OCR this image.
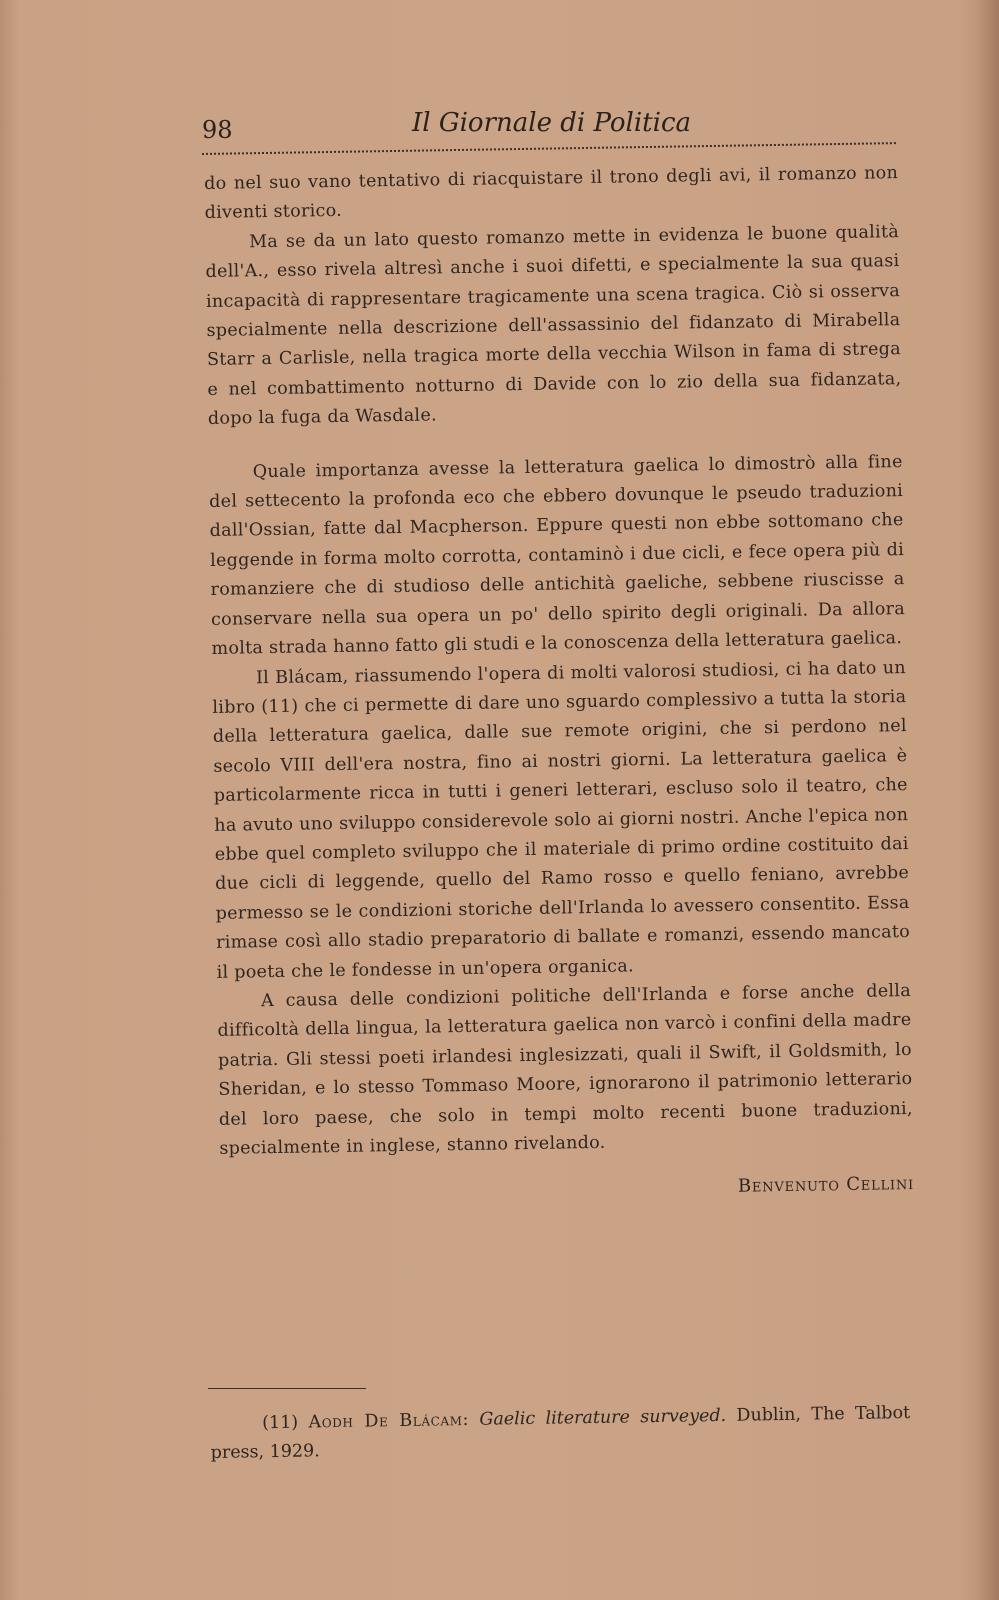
98	Il Giornale di Politica

do nel suo vano tentativo di riacquistare il trono degli avi, il romanzo non diventi storico.

Ma se da un lato questo romanzo mette in evidenza le buone qualità dell'A., esso rivela altresì anche i suoi difetti, e specialmente la sua quasi incapacità di rappresentare tragicamente una scena tragica. Ciò si osserva specialmente nella descrizione dell'assassinio del fidanzato di Mirabella Starr a Carlisle, nella tragica morte della vecchia Wilson in fama di strega e nel combattimento notturno di Davide con lo zio della sua fidanzata, dopo la fuga da Wasdale.

Quale importanza avesse la letteratura gaelica lo dimostrò alla fine del settecento la profonda eco che ebbero dovunque le pseudo traduzioni dall'Ossian, fatte dal Macpherson. Eppure questi non ebbe sottomano che leggende in forma molto corrotta, contaminò i due cicli, e fece opera più di romanziere che di studioso delle antichità gaeliche, sebbene riuscisse a conservare nella sua opera un po' dello spirito degli originali. Da allora molta strada hanno fatto gli studi e la conoscenza della letteratura gaelica.

Il Blácam, riassumendo l'opera di molti valorosi studiosi, ci ha dato un libro (11) che ci permette di dare uno sguardo complessivo a tutta la storia della letteratura gaelica, dalle sue remote origini, che si perdono nel secolo VIII dell'era nostra, fino ai nostri giorni. La letteratura gaelica è particolarmente ricca in tutti i generi letterari, escluso solo il teatro, che ha avuto uno sviluppo considerevole solo ai giorni nostri. Anche l'epica non ebbe quel completo sviluppo che il materiale di primo ordine costituito dai due cicli di leggende, quello del Ramo rosso e quello feniano, avrebbe permesso se le condizioni storiche dell'Irlanda lo avessero consentito. Essa rimase così allo stadio preparatorio di ballate e romanzi, essendo mancato il poeta che le fondesse in un'opera organica.

A causa delle condizioni politiche dell'Irlanda e forse anche della difficoltà della lingua, la letteratura gaelica non varcò i confini della madre patria. Gli stessi poeti irlandesi inglesizzati, quali il Swift, il Goldsmith, lo Sheridan, e lo stesso Tommaso Moore, ignorarono il patrimonio letterario del loro paese, che solo in tempi molto recenti buone traduzioni, specialmente in inglese, stanno rivelando.

Benvenuto Cellini
(11) Aodh De Blácam: Gaelic literature surveyed. Dublin, The Talbot press, 1929.
